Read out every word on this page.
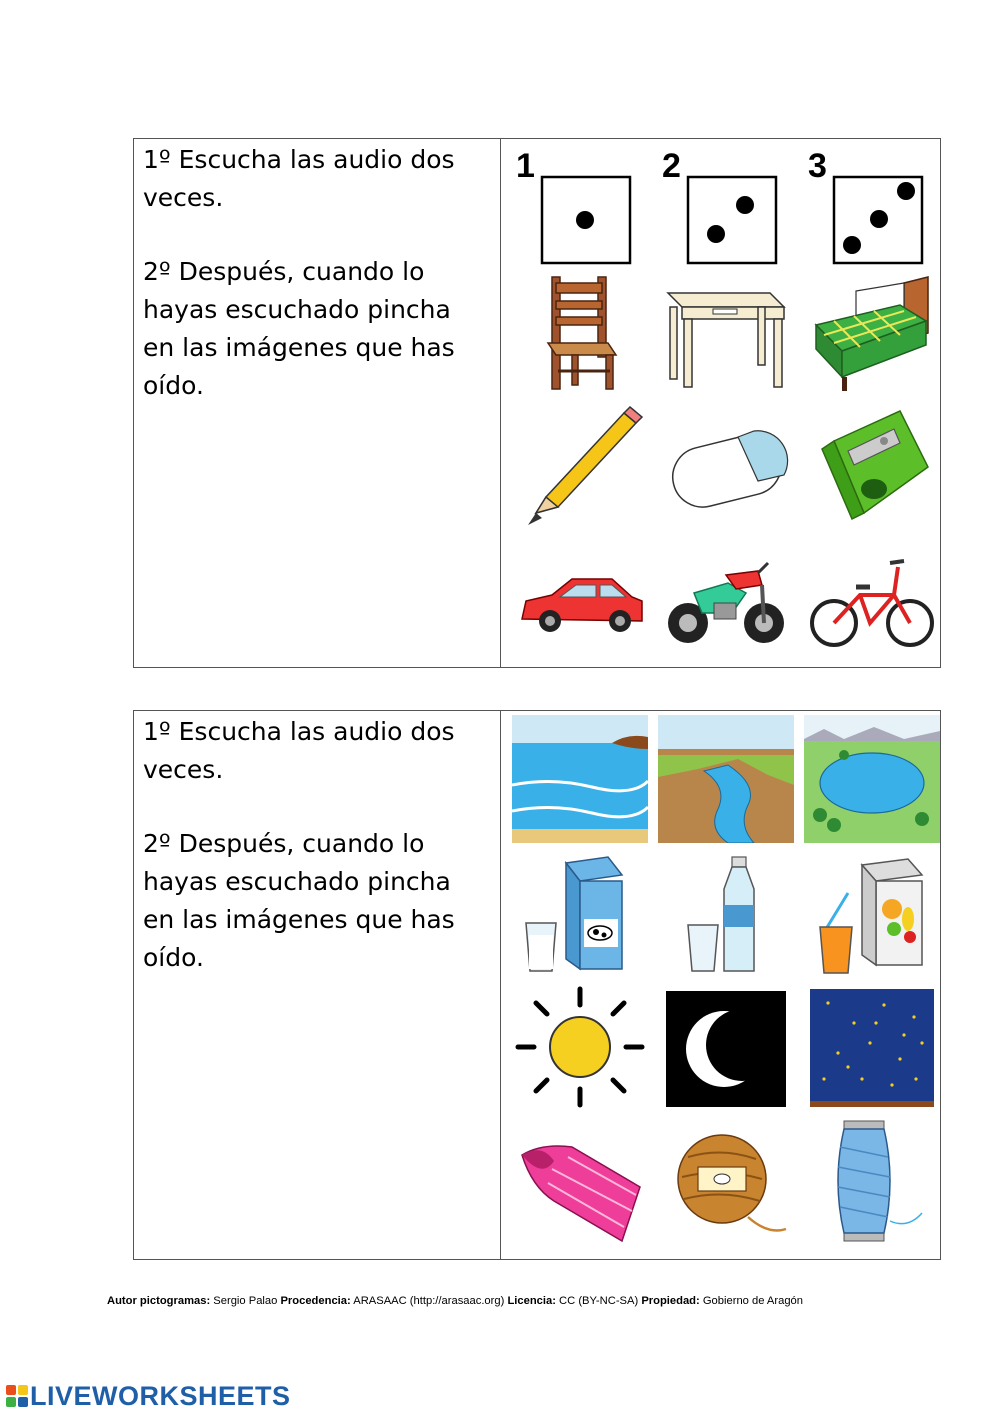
1º Escucha las audio dos veces.

2º Después, cuando lo hayas escuchado pincha en las imágenes que has oído.

1	2	3

1º Escucha las audio dos veces.

2º Después, cuando lo hayas escuchado pincha en las imágenes que has oído.

Autor pictogramas: Sergio Palao Procedencia: ARASAAC (http://arasaac.org) Licencia: CC (BY-NC-SA) Propiedad: Gobierno de Aragón
LIVEWORKSHEETS
